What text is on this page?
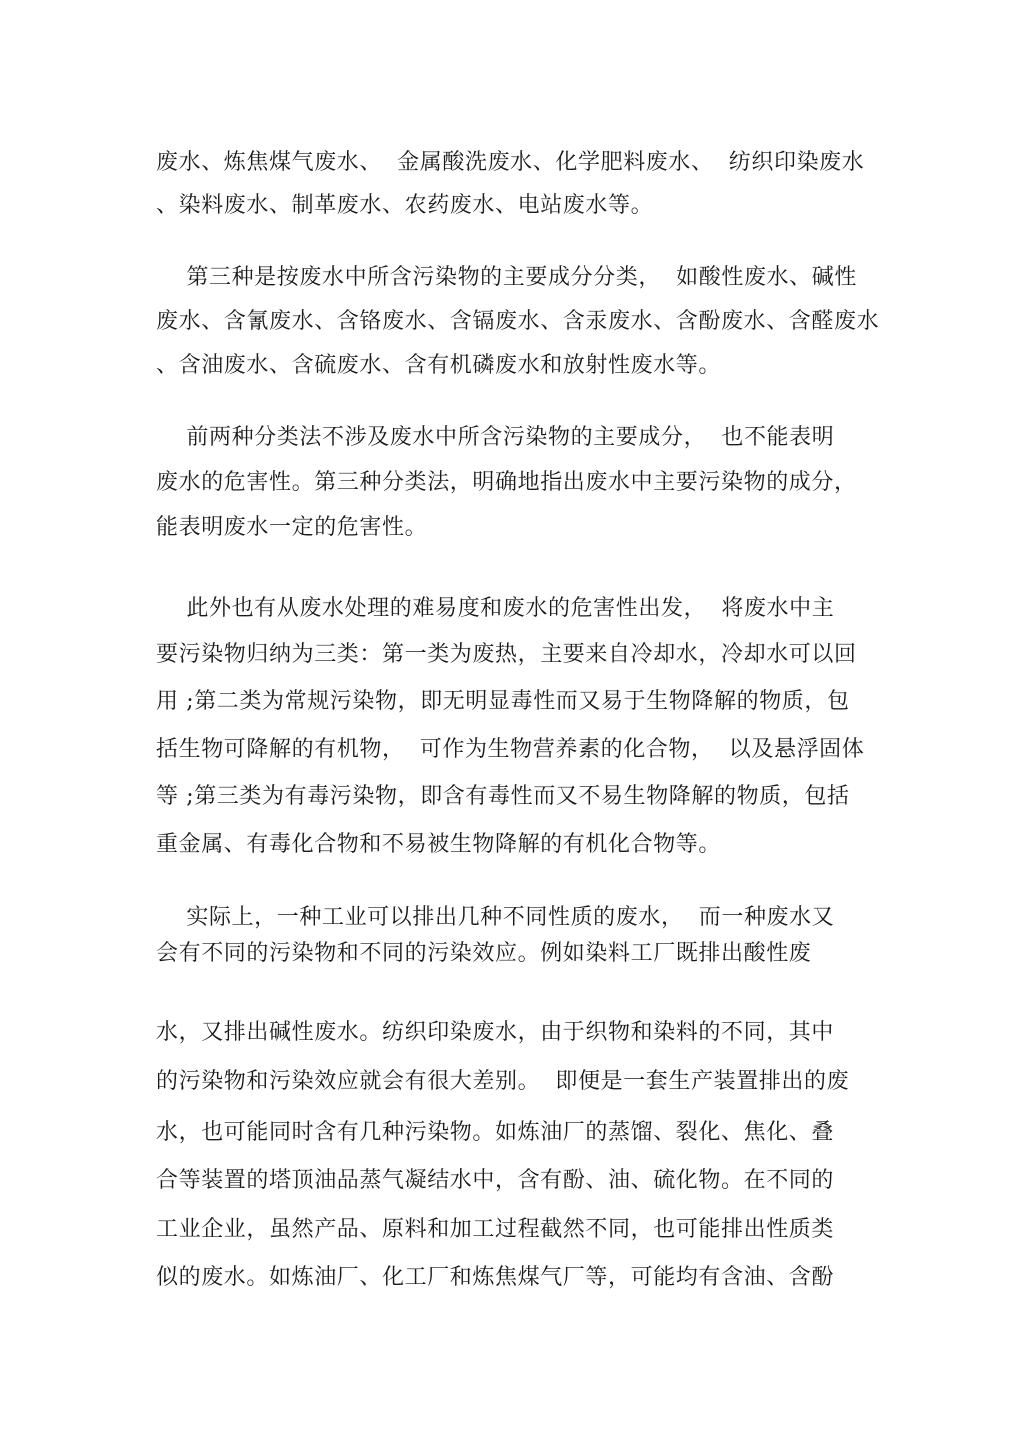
废水、炼焦煤气废水、  金属酸洗废水、化学肥料废水、  纺织印染废水
、染料废水、制革废水、农药废水、电站废水等。
第三种是按废水中所含污染物的主要成分分类，  如酸性废水、碱性
废水、含氰废水、含铬废水、含镉废水、含汞废水、含酚废水、含醛废水
、含油废水、含硫废水、含有机磷废水和放射性废水等。
前两种分类法不涉及废水中所含污染物的主要成分，  也不能表明
废水的危害性。第三种分类法，明确地指出废水中主要污染物的成分，
能表明废水一定的危害性。
此外也有从废水处理的难易度和废水的危害性出发，  将废水中主
要污染物归纳为三类：第一类为废热，主要来自冷却水，冷却水可以回
用 ;第二类为常规污染物，即无明显毒性而又易于生物降解的物质，包
括生物可降解的有机物，  可作为生物营养素的化合物，  以及悬浮固体
等 ;第三类为有毒污染物，即含有毒性而又不易生物降解的物质，包括
重金属、有毒化合物和不易被生物降解的有机化合物等。
实际上，一种工业可以排出几种不同性质的废水，  而一种废水又
会有不同的污染物和不同的污染效应。例如染料工厂既排出酸性废
水，又排出碱性废水。纺织印染废水，由于织物和染料的不同，其中
的污染物和污染效应就会有很大差别。  即便是一套生产装置排出的废
水，也可能同时含有几种污染物。如炼油厂的蒸馏、裂化、焦化、叠
合等装置的塔顶油品蒸气凝结水中，含有酚、油、硫化物。在不同的
工业企业，虽然产品、原料和加工过程截然不同，也可能排出性质类
似的废水。如炼油厂、化工厂和炼焦煤气厂等，可能均有含油、含酚
